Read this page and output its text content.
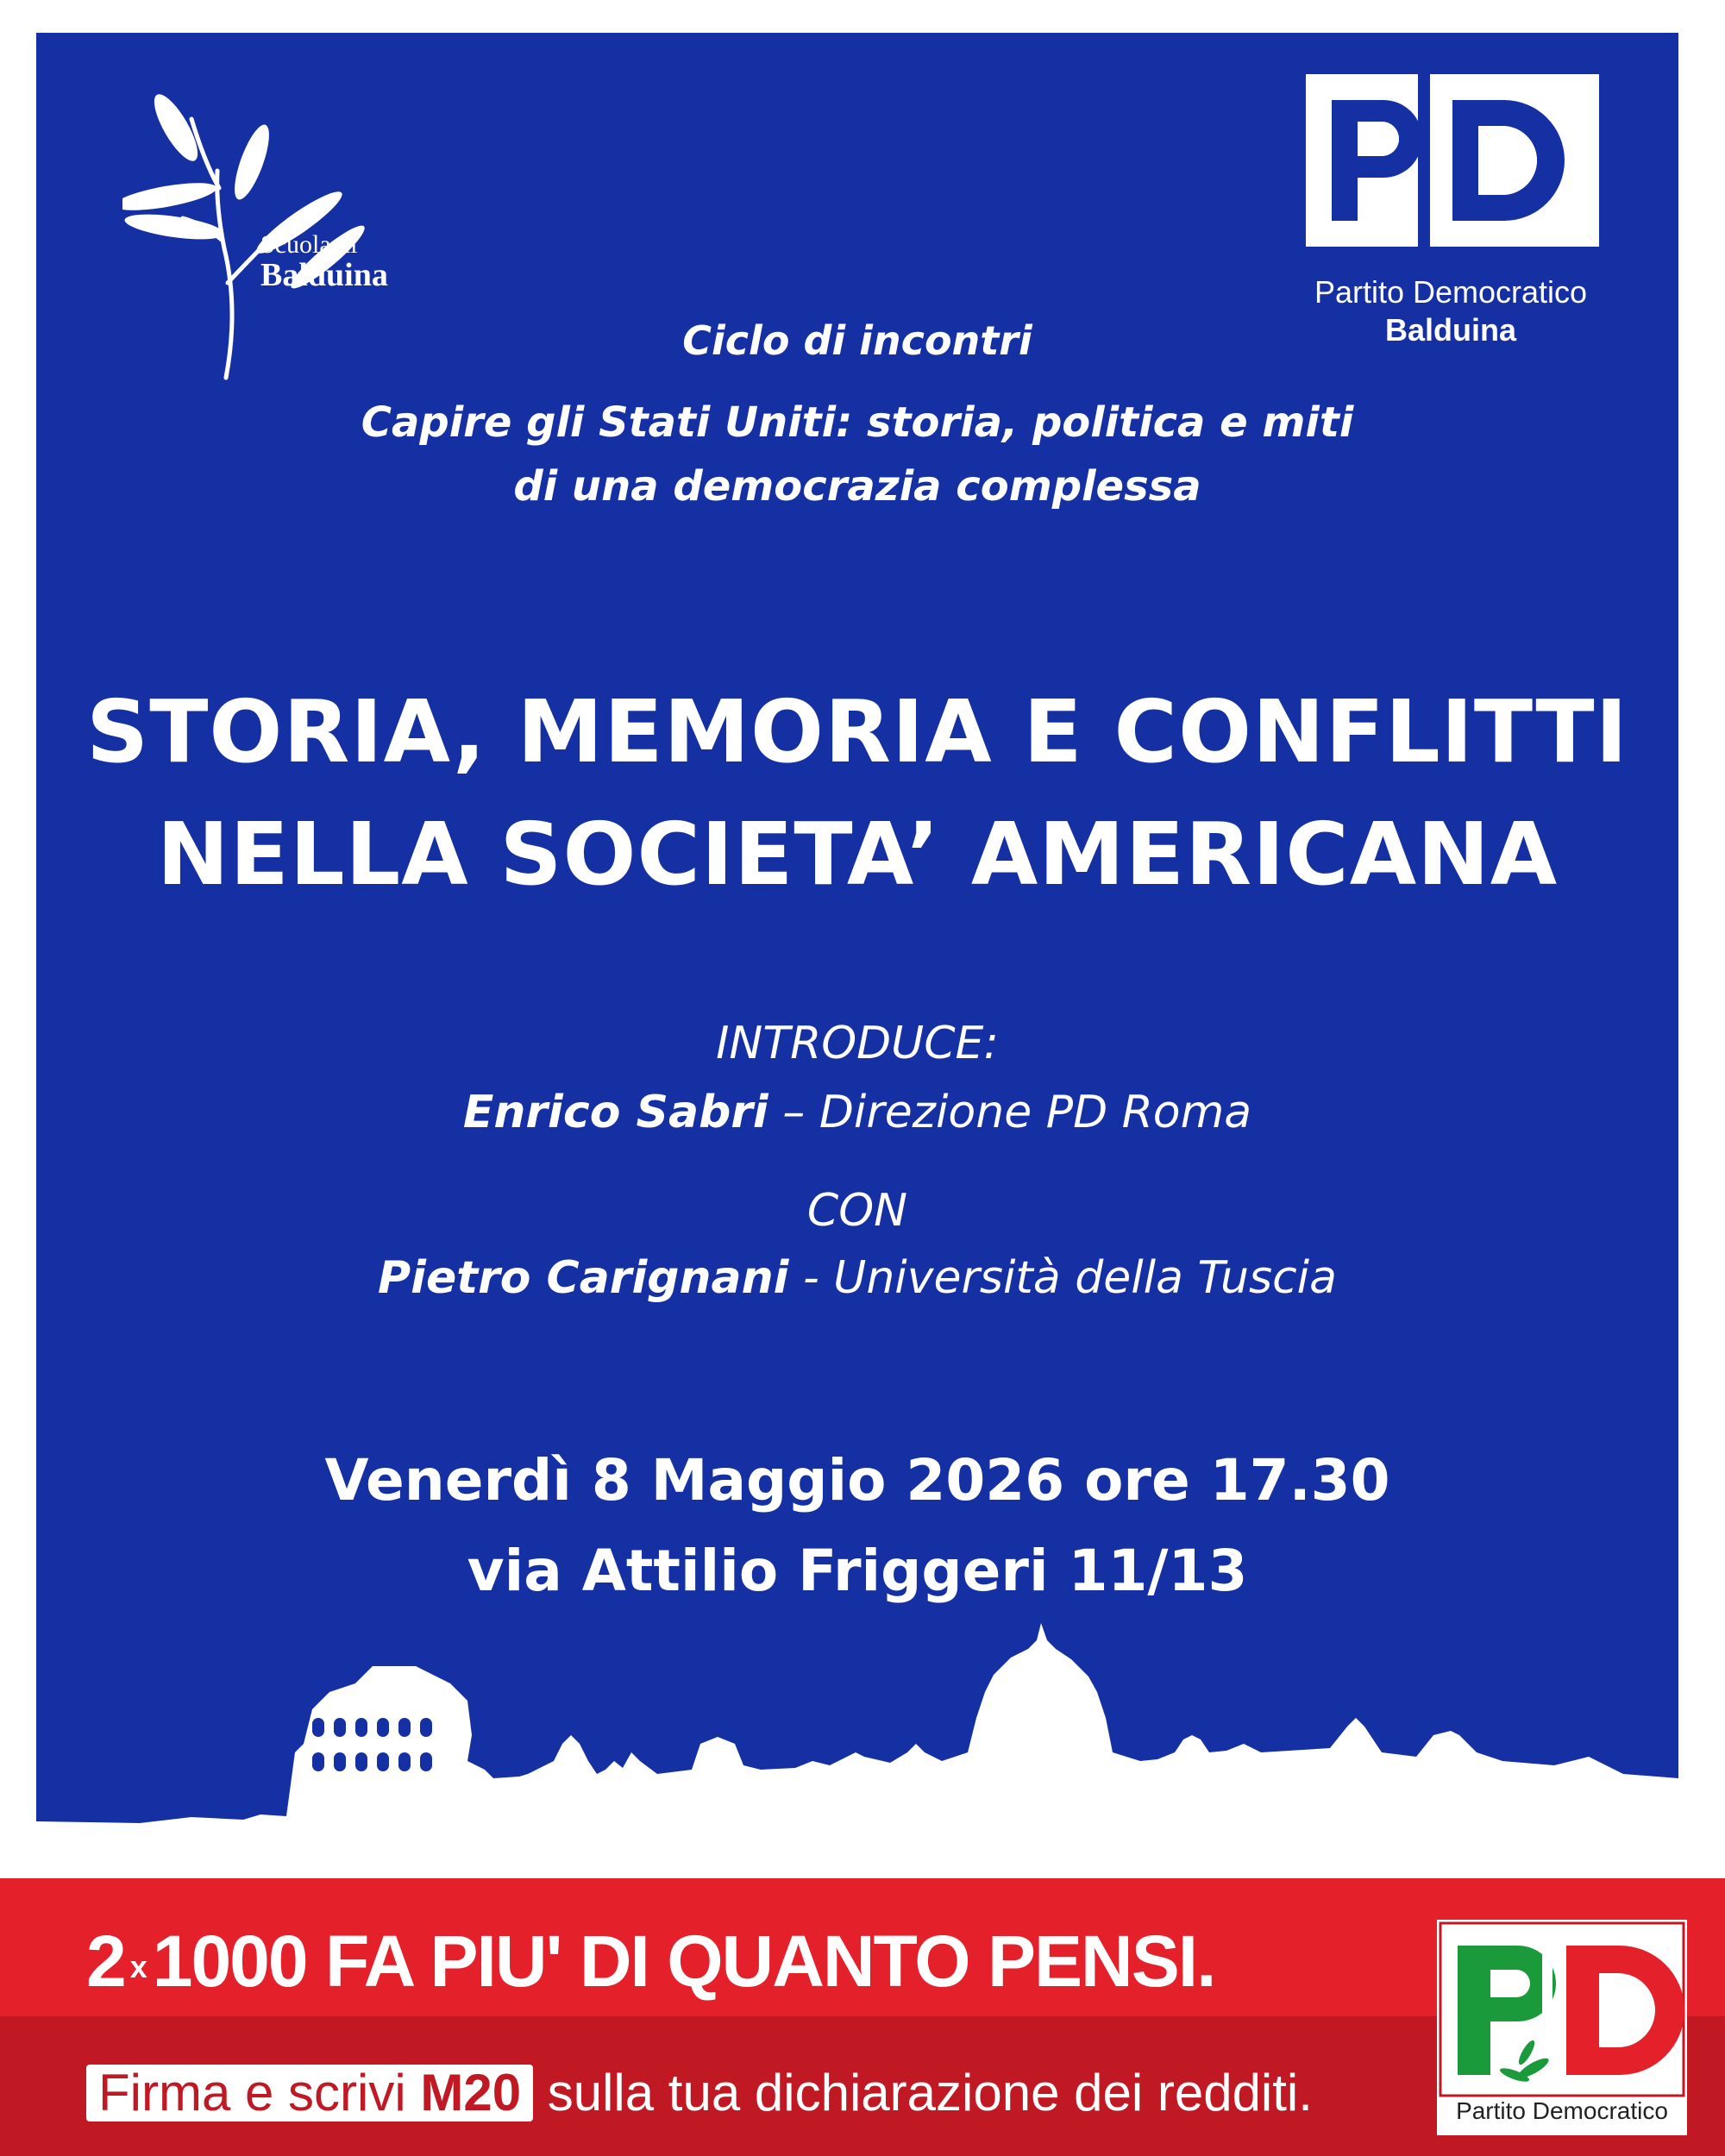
Scuola di
Balduina	Partito Democratico
Balduina
Ciclo di incontri
Capire gli Stati Uniti: storia, politica e miti
di una democrazia complessa
STORIA, MEMORIA E CONFLITTI
NELLA SOCIETA’ AMERICANA
INTRODUCE:
Enrico Sabri – Direzione PD Roma
CON
Pietro Carignani - Università della Tuscia
Venerdì 8 Maggio 2026 ore 17.30
via Attilio Friggeri 11/13
2 x1000 FA PIU' DI QUANTO PENSI.
Firma e scrivi M20 sulla tua dichiarazione dei redditi.	Partito Democratico
